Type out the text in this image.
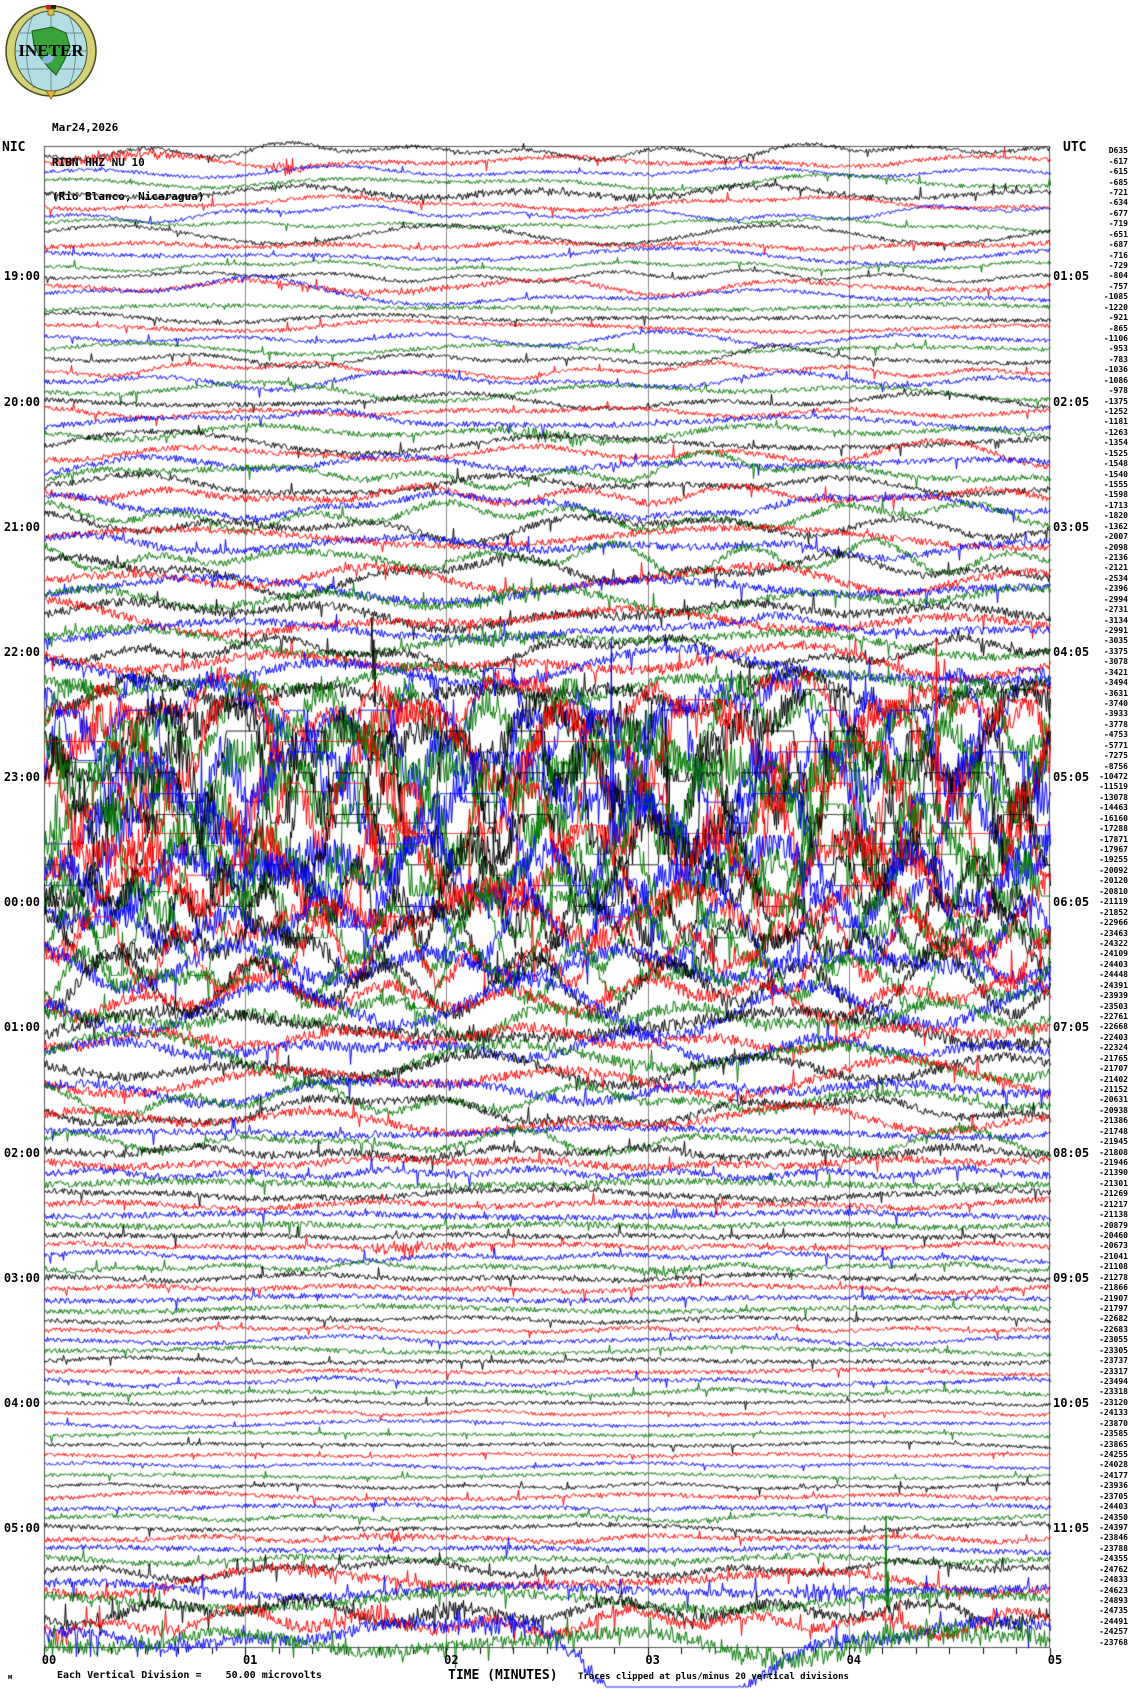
INETER

Mar24,2026

RIBN HHZ NU 10

(Rio Blanco, Nicaragua)

NIC	UTC
19:00
20:00
21:00
22:00
23:00
00:00
01:00
02:00
03:00
04:00
05:00
01:05
02:05
03:05
04:05
05:05
06:05
07:05
08:05
09:05
10:05
11:05
D635
-617
-615
-685
-721
-634
-677
-719
-651
-687
-716
-729
-804
-757
-1085
-1220
-921
-865
-1106
-953
-783
-1036
-1086
-978
-1375
-1252
-1181
-1263
-1354
-1525
-1548
-1540
-1555
-1598
-1713
-1820
-1362
-2007
-2098
-2136
-2121
-2534
-2396
-2994
-2731
-3134
-2991
-3035
-3375
-3078
-3421
-3494
-3631
-3740
-3933
-3778
-4753
-5771
-7275
-8756
-10472
-11519
-13078
-14463
-16160
-17288
-17871
-17967
-19255
-20092
-20120
-20810
-21119
-21852
-22966
-23463
-24322
-24109
-24403
-24448
-24391
-23939
-23503
-22761
-22668
-22403
-22324
-21765
-21707
-21402
-21152
-20631
-20938
-21386
-21748
-21945
-21808
-21946
-21390
-21301
-21269
-21217
-21138
-20879
-20460
-20673
-21041
-21108
-21278
-21866
-21907
-21797
-22682
-22683
-23055
-23305
-23737
-23317
-23494
-23318
-23120
-24133
-23870
-23585
-23865
-24255
-24028
-24177
-23936
-23705
-24403
-24350
-24397
-23846
-23788
-24355
-24762
-24833
-24623
-24893
-24735
-24491
-24257
-23768
00	01	02	03	04	05
м	Each Vertical Division =    50.00 microvolts	TIME (MINUTES) Traces clipped at plus/minus 20 vertical divisions
